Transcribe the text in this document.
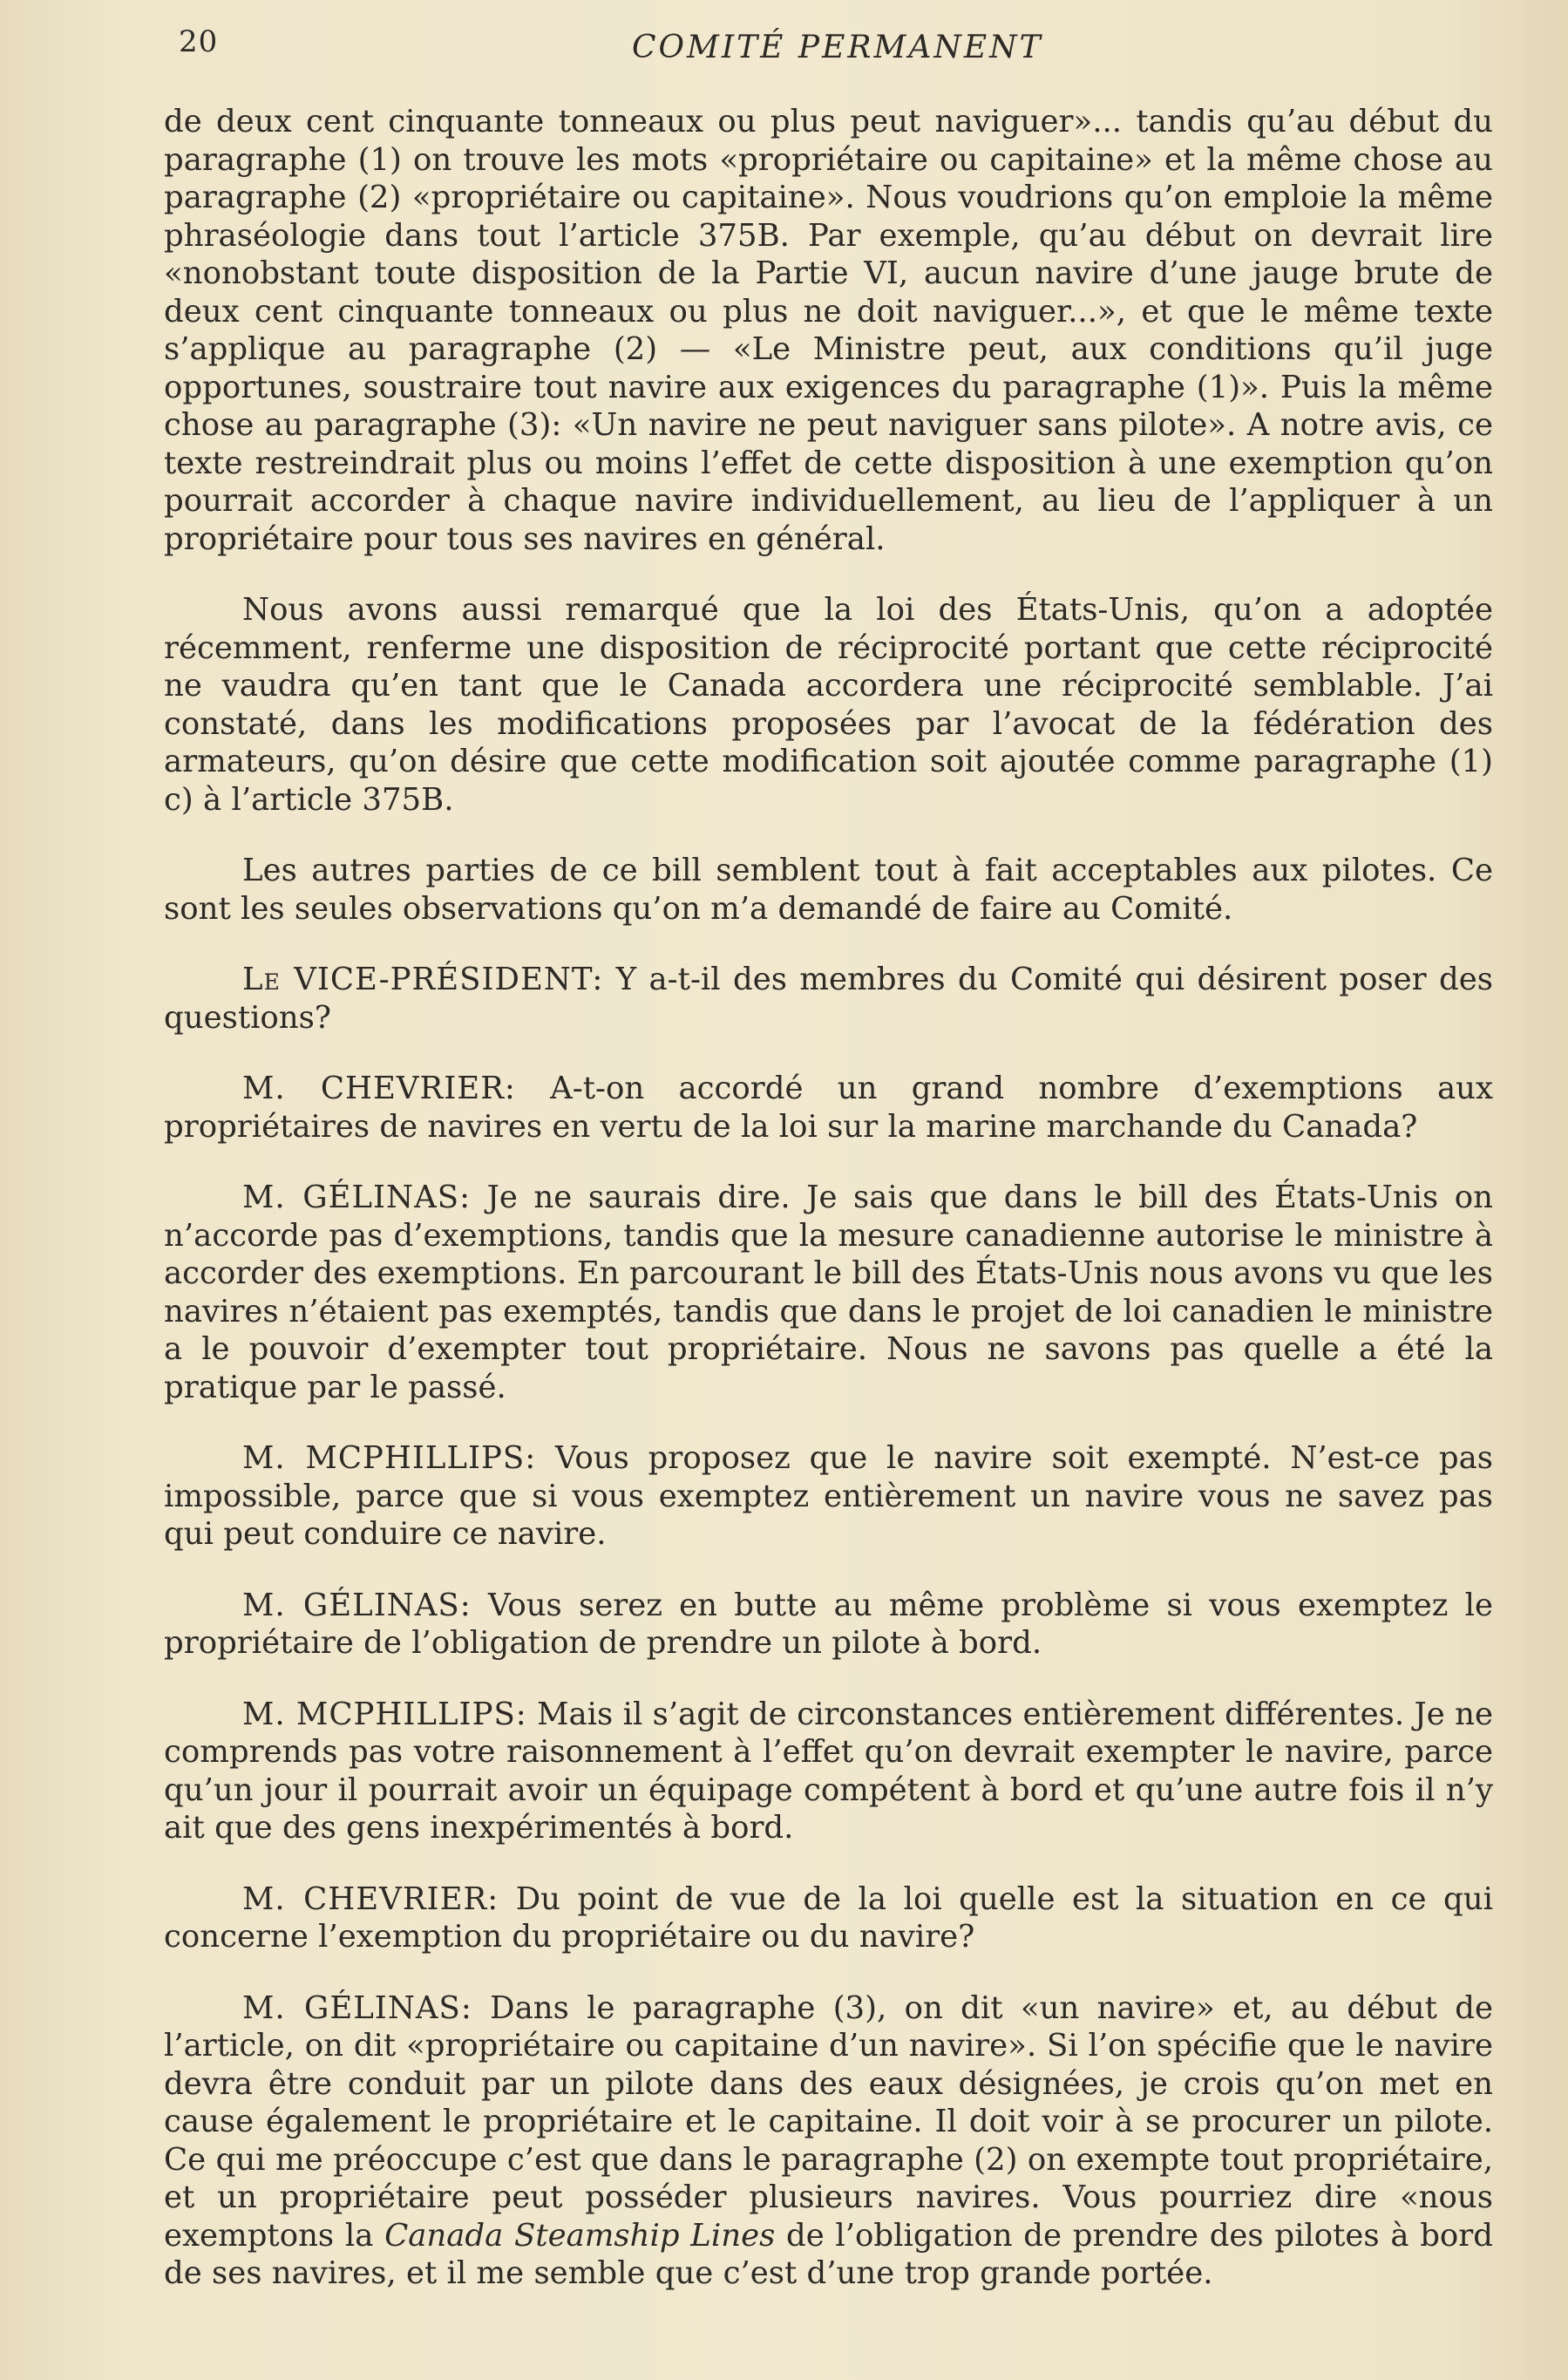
20	COMITÉ PERMANENT

de deux cent cinquante tonneaux ou plus peut naviguer»... tandis qu’au début du paragraphe (1) on trouve les mots «propriétaire ou capitaine» et la même chose au paragraphe (2) «propriétaire ou capitaine». Nous voudrions qu’on emploie la même phraséologie dans tout l’article 375B. Par exemple, qu’au début on devrait lire «nonobstant toute disposition de la Partie VI, aucun navire d’une jauge brute de deux cent cinquante tonneaux ou plus ne doit naviguer...», et que le même texte s’applique au paragraphe (2) — «Le Ministre peut, aux conditions qu’il juge opportunes, soustraire tout navire aux exigences du paragraphe (1)». Puis la même chose au paragraphe (3): «Un navire ne peut naviguer sans pilote». A notre avis, ce texte restreindrait plus ou moins l’effet de cette disposition à une exemption qu’on pourrait accorder à chaque navire individuellement, au lieu de l’appliquer à un propriétaire pour tous ses navires en général.

Nous avons aussi remarqué que la loi des États-Unis, qu’on a adoptée récemment, renferme une disposition de réciprocité portant que cette réciprocité ne vaudra qu’en tant que le Canada accordera une réciprocité semblable. J’ai constaté, dans les modifications proposées par l’avocat de la fédération des armateurs, qu’on désire que cette modification soit ajoutée comme paragraphe (1) c) à l’article 375B.

Les autres parties de ce bill semblent tout à fait acceptables aux pilotes. Ce sont les seules observations qu’on m’a demandé de faire au Comité.

Le VICE-PRÉSIDENT: Y a-t-il des membres du Comité qui désirent poser des questions?

M. CHEVRIER: A-t-on accordé un grand nombre d’exemptions aux propriétaires de navires en vertu de la loi sur la marine marchande du Canada?

M. GÉLINAS: Je ne saurais dire. Je sais que dans le bill des États-Unis on n’accorde pas d’exemptions, tandis que la mesure canadienne autorise le ministre à accorder des exemptions. En parcourant le bill des États-Unis nous avons vu que les navires n’étaient pas exemptés, tandis que dans le projet de loi canadien le ministre a le pouvoir d’exempter tout propriétaire. Nous ne savons pas quelle a été la pratique par le passé.

M. MCPHILLIPS: Vous proposez que le navire soit exempté. N’est-ce pas impossible, parce que si vous exemptez entièrement un navire vous ne savez pas qui peut conduire ce navire.

M. GÉLINAS: Vous serez en butte au même problème si vous exemptez le propriétaire de l’obligation de prendre un pilote à bord.

M. MCPHILLIPS: Mais il s’agit de circonstances entièrement différentes. Je ne comprends pas votre raisonnement à l’effet qu’on devrait exempter le navire, parce qu’un jour il pourrait avoir un équipage compétent à bord et qu’une autre fois il n’y ait que des gens inexpérimentés à bord.

M. CHEVRIER: Du point de vue de la loi quelle est la situation en ce qui concerne l’exemption du propriétaire ou du navire?

M. GÉLINAS: Dans le paragraphe (3), on dit «un navire» et, au début de l’article, on dit «propriétaire ou capitaine d’un navire». Si l’on spécifie que le navire devra être conduit par un pilote dans des eaux désignées, je crois qu’on met en cause également le propriétaire et le capitaine. Il doit voir à se procurer un pilote. Ce qui me préoccupe c’est que dans le paragraphe (2) on exempte tout propriétaire, et un propriétaire peut posséder plusieurs navires. Vous pourriez dire «nous exemptons la Canada Steamship Lines de l’obligation de prendre des pilotes à bord de ses navires, et il me semble que c’est d’une trop grande portée.
